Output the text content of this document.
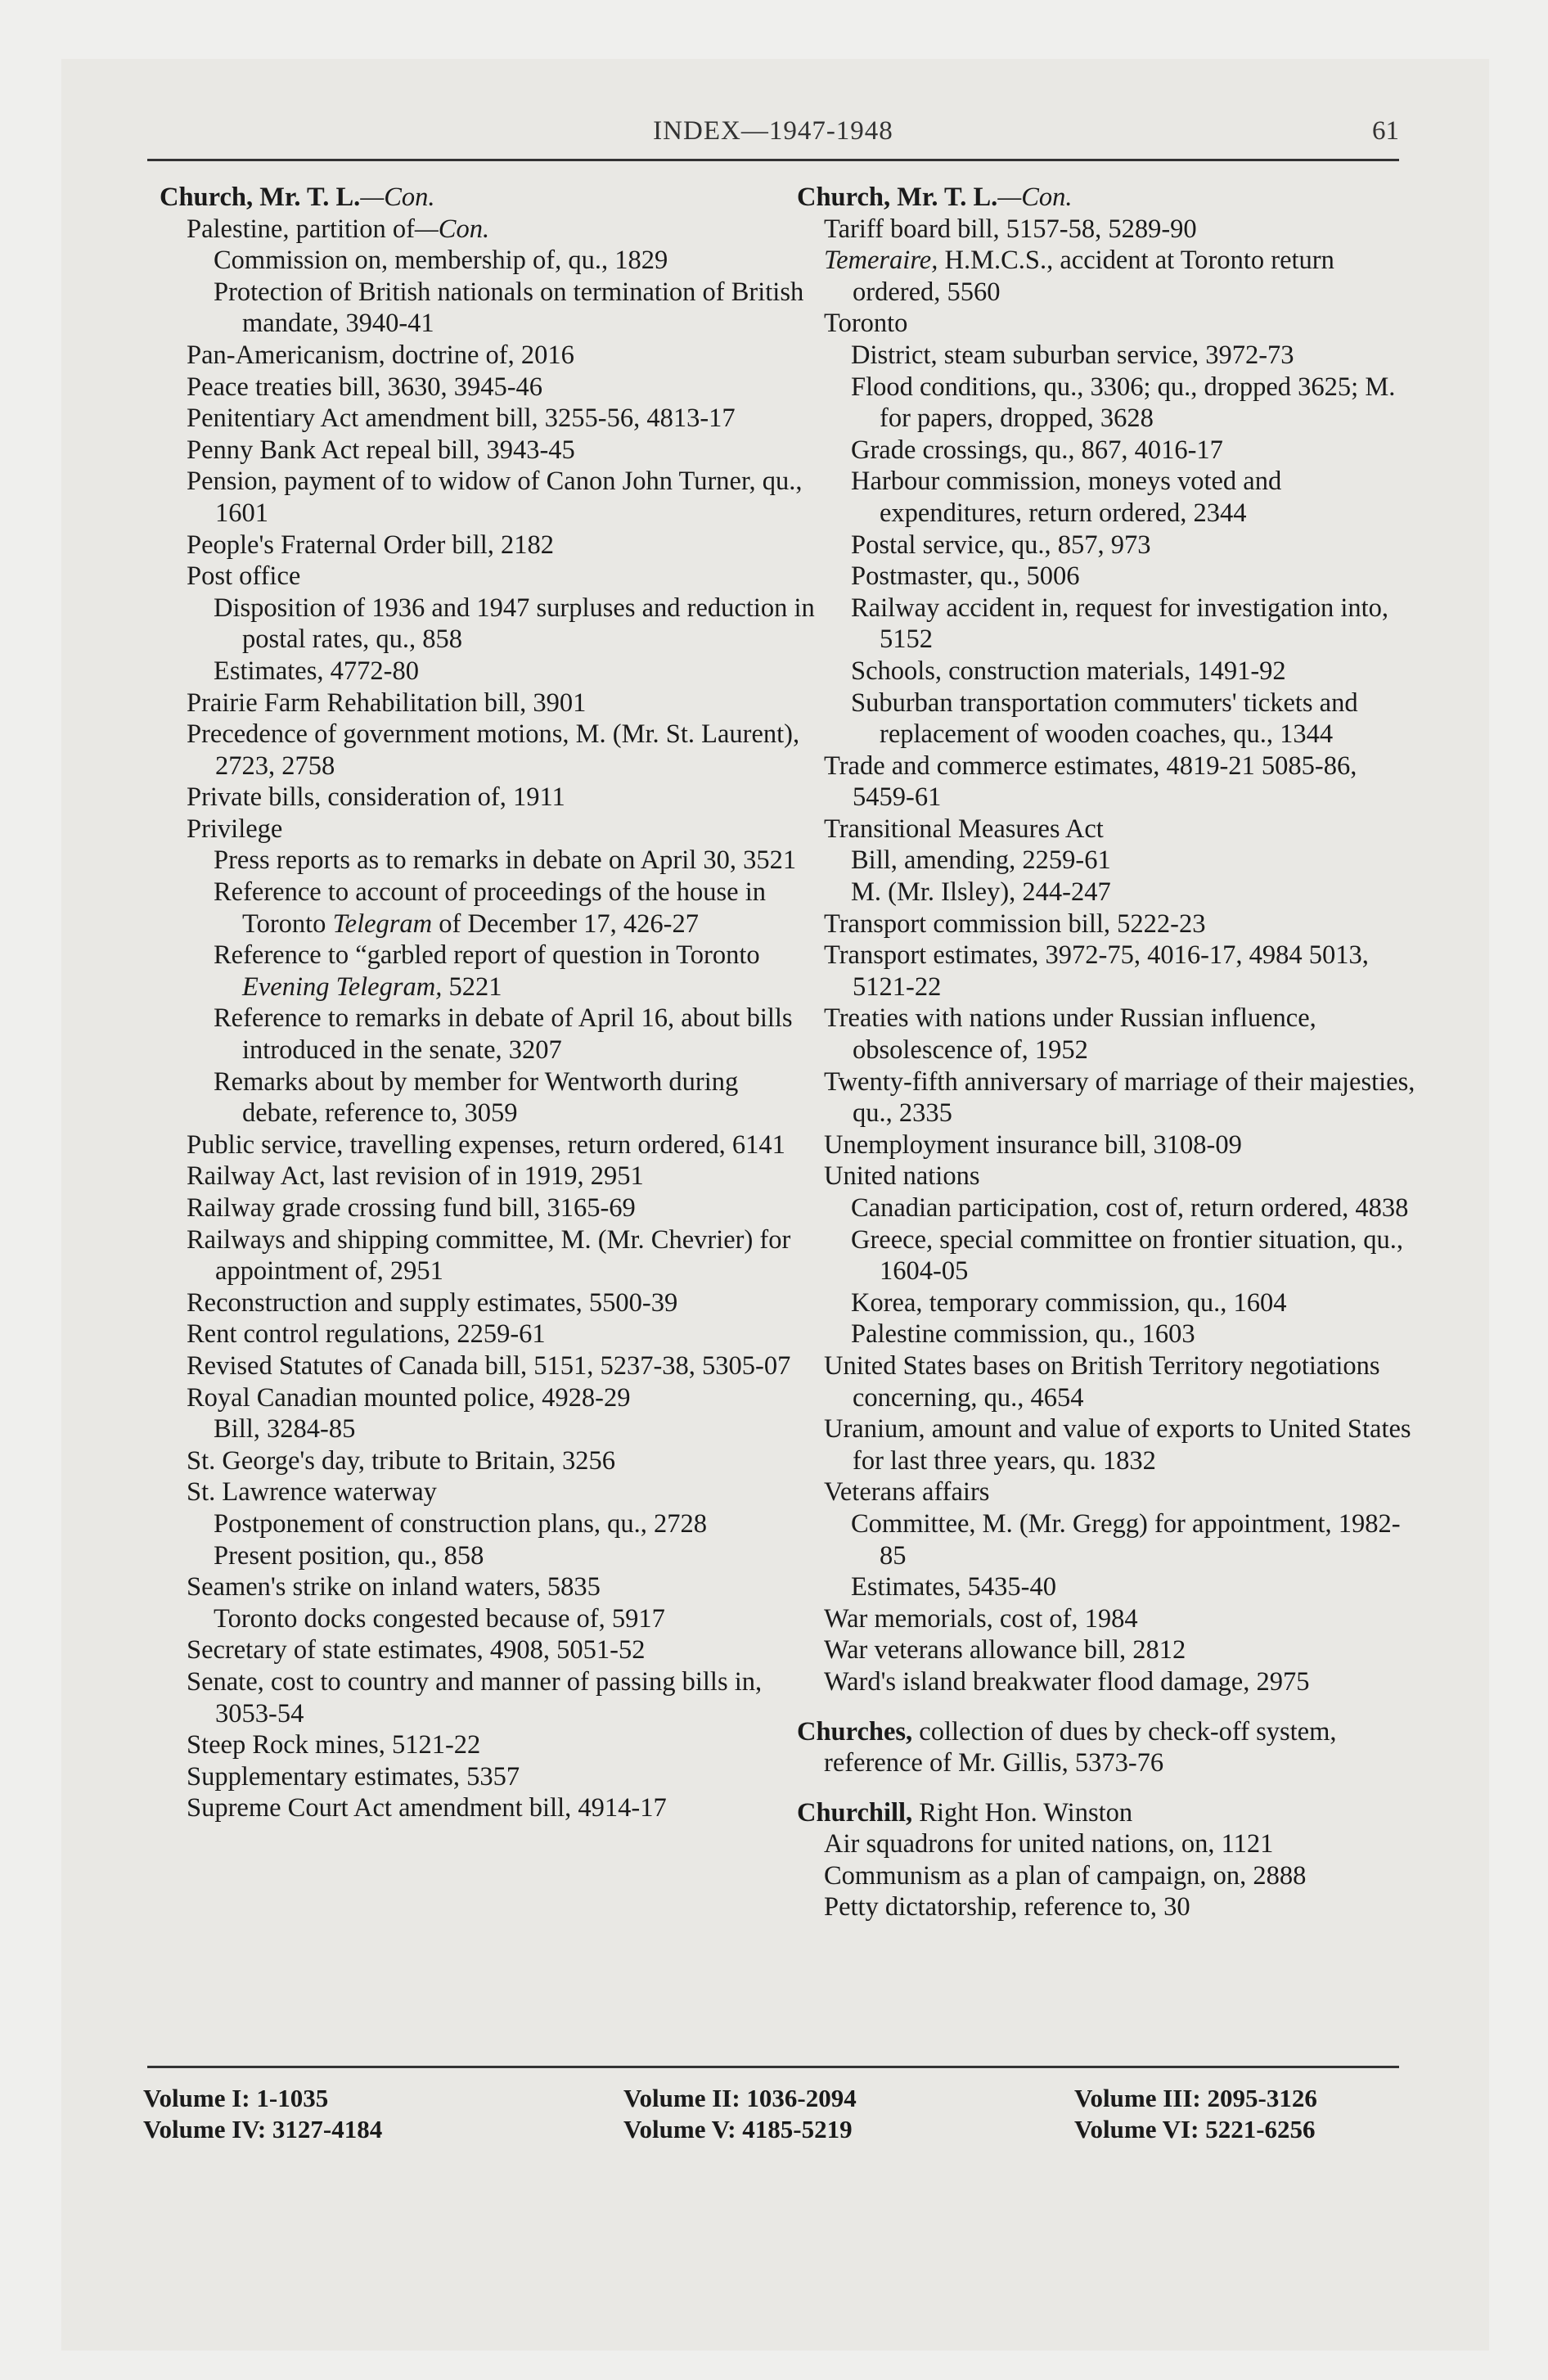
INDEX—1947-1948	61
Church, Mr. T. L.—Con.
Palestine, partition of—Con.
Commission on, membership of, qu., 1829
Protection of British nationals on termination of British mandate, 3940-41
Pan-Americanism, doctrine of, 2016
Peace treaties bill, 3630, 3945-46
Penitentiary Act amendment bill, 3255-56, 4813-17
Penny Bank Act repeal bill, 3943-45
Pension, payment of to widow of Canon John Turner, qu., 1601
People's Fraternal Order bill, 2182
Post office
Disposition of 1936 and 1947 surpluses and reduction in postal rates, qu., 858
Estimates, 4772-80
Prairie Farm Rehabilitation bill, 3901
Precedence of government motions, M. (Mr. St. Laurent), 2723, 2758
Private bills, consideration of, 1911
Privilege
Press reports as to remarks in debate on April 30, 3521
Reference to account of proceedings of the house in Toronto Telegram of December 17, 426-27
Reference to “garbled report of question in Toronto Evening Telegram, 5221
Reference to remarks in debate of April 16, about bills introduced in the senate, 3207
Remarks about by member for Wentworth during debate, reference to, 3059
Public service, travelling expenses, return ordered, 6141
Railway Act, last revision of in 1919, 2951
Railway grade crossing fund bill, 3165-69
Railways and shipping committee, M. (Mr. Chevrier) for appointment of, 2951
Reconstruction and supply estimates, 5500-39
Rent control regulations, 2259-61
Revised Statutes of Canada bill, 5151, 5237-38, 5305-07
Royal Canadian mounted police, 4928-29
Bill, 3284-85
St. George's day, tribute to Britain, 3256
St. Lawrence waterway
Postponement of construction plans, qu., 2728
Present position, qu., 858
Seamen's strike on inland waters, 5835
Toronto docks congested because of, 5917
Secretary of state estimates, 4908, 5051-52
Senate, cost to country and manner of passing bills in, 3053-54
Steep Rock mines, 5121-22
Supplementary estimates, 5357
Supreme Court Act amendment bill, 4914-17
Church, Mr. T. L.—Con.
Tariff board bill, 5157-58, 5289-90
Temeraire, H.M.C.S., accident at Toronto return ordered, 5560
Toronto
District, steam suburban service, 3972-73
Flood conditions, qu., 3306; qu., dropped 3625; M. for papers, dropped, 3628
Grade crossings, qu., 867, 4016-17
Harbour commission, moneys voted and expenditures, return ordered, 2344
Postal service, qu., 857, 973
Postmaster, qu., 5006
Railway accident in, request for investigation into, 5152
Schools, construction materials, 1491-92
Suburban transportation commuters' tickets and replacement of wooden coaches, qu., 1344
Trade and commerce estimates, 4819-21 5085-86, 5459-61
Transitional Measures Act
Bill, amending, 2259-61
M. (Mr. Ilsley), 244-247
Transport commission bill, 5222-23
Transport estimates, 3972-75, 4016-17, 4984 5013, 5121-22
Treaties with nations under Russian influence, obsolescence of, 1952
Twenty-fifth anniversary of marriage of their majesties, qu., 2335
Unemployment insurance bill, 3108-09
United nations
Canadian participation, cost of, return ordered, 4838
Greece, special committee on frontier situation, qu., 1604-05
Korea, temporary commission, qu., 1604
Palestine commission, qu., 1603
United States bases on British Territory negotiations concerning, qu., 4654
Uranium, amount and value of exports to United States for last three years, qu. 1832
Veterans affairs
Committee, M. (Mr. Gregg) for appointment, 1982-85
Estimates, 5435-40
War memorials, cost of, 1984
War veterans allowance bill, 2812
Ward's island breakwater flood damage, 2975
Churches, collection of dues by check-off system, reference of Mr. Gillis, 5373-76
Churchill, Right Hon. Winston
Air squadrons for united nations, on, 1121
Communism as a plan of campaign, on, 2888
Petty dictatorship, reference to, 30
Volume I: 1-1035
Volume IV: 3127-4184
Volume II: 1036-2094
Volume V: 4185-5219
Volume III: 2095-3126
Volume VI: 5221-6256
